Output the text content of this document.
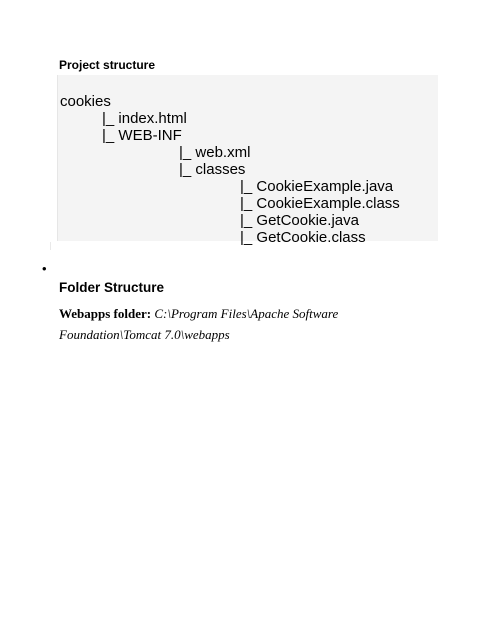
Project structure

cookies

|_ index.html

|_ WEB-INF

|_ web.xml

|_ classes

|_ CookieExample.java

|_ CookieExample.class

|_ GetCookie.java

|_ GetCookie.class

•

Folder Structure

Webapps folder: C:\Program Files\Apache Software

Foundation\Tomcat 7.0\webapps
